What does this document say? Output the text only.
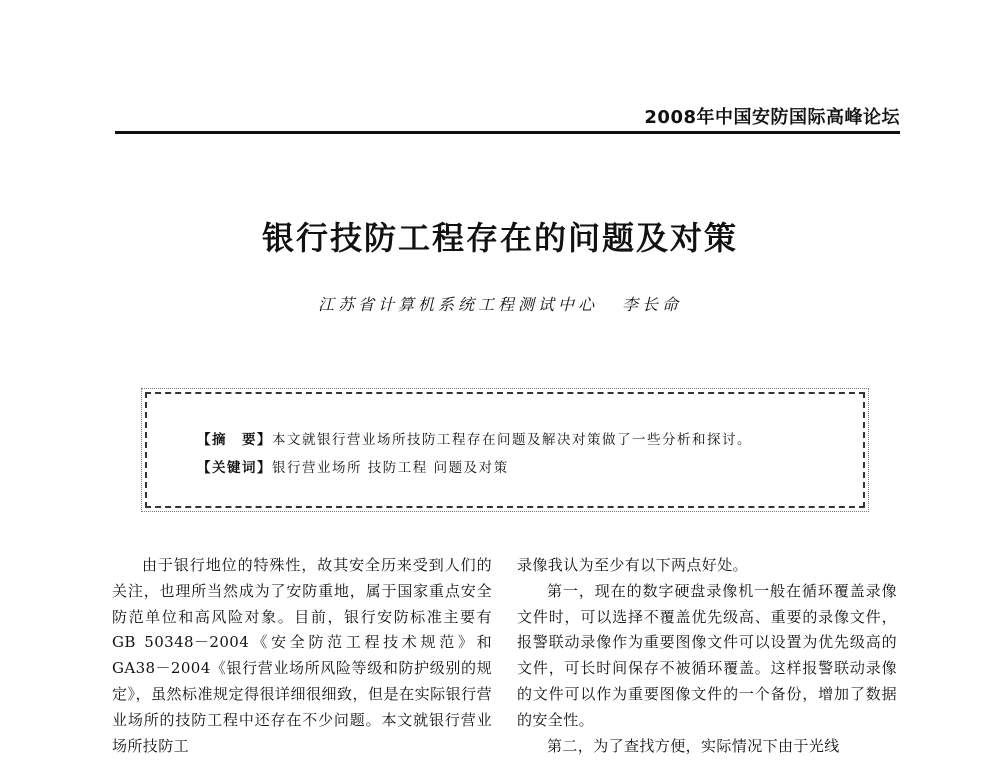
2008年中国安防国际高峰论坛
银行技防工程存在的问题及对策
江苏省计算机系统工程测试中心 李长命
【摘　要】本文就银行营业场所技防工程存在问题及解决对策做了一些分析和探讨。
【关键词】银行营业场所 技防工程 问题及对策

由于银行地位的特殊性，故其安全历来受到人们的关注，也理所当然成为了安防重地，属于国家重点安全防范单位和高风险对象。目前，银行安防标准主要有 GB 50348－2004《安全防范工程技术规范》和 GA38－2004《银行营业场所风险等级和防护级别的规定》，虽然标准规定得很详细很细致，但是在实际银行营业场所的技防工程中还存在不少问题。本文就银行营业场所技防工

录像我认为至少有以下两点好处。

第一，现在的数字硬盘录像机一般在循环覆盖录像文件时，可以选择不覆盖优先级高、重要的录像文件，报警联动录像作为重要图像文件可以设置为优先级高的文件，可长时间保存不被循环覆盖。这样报警联动录像的文件可以作为重要图像文件的一个备份，增加了数据的安全性。

第二，为了查找方便，实际情况下由于光线
